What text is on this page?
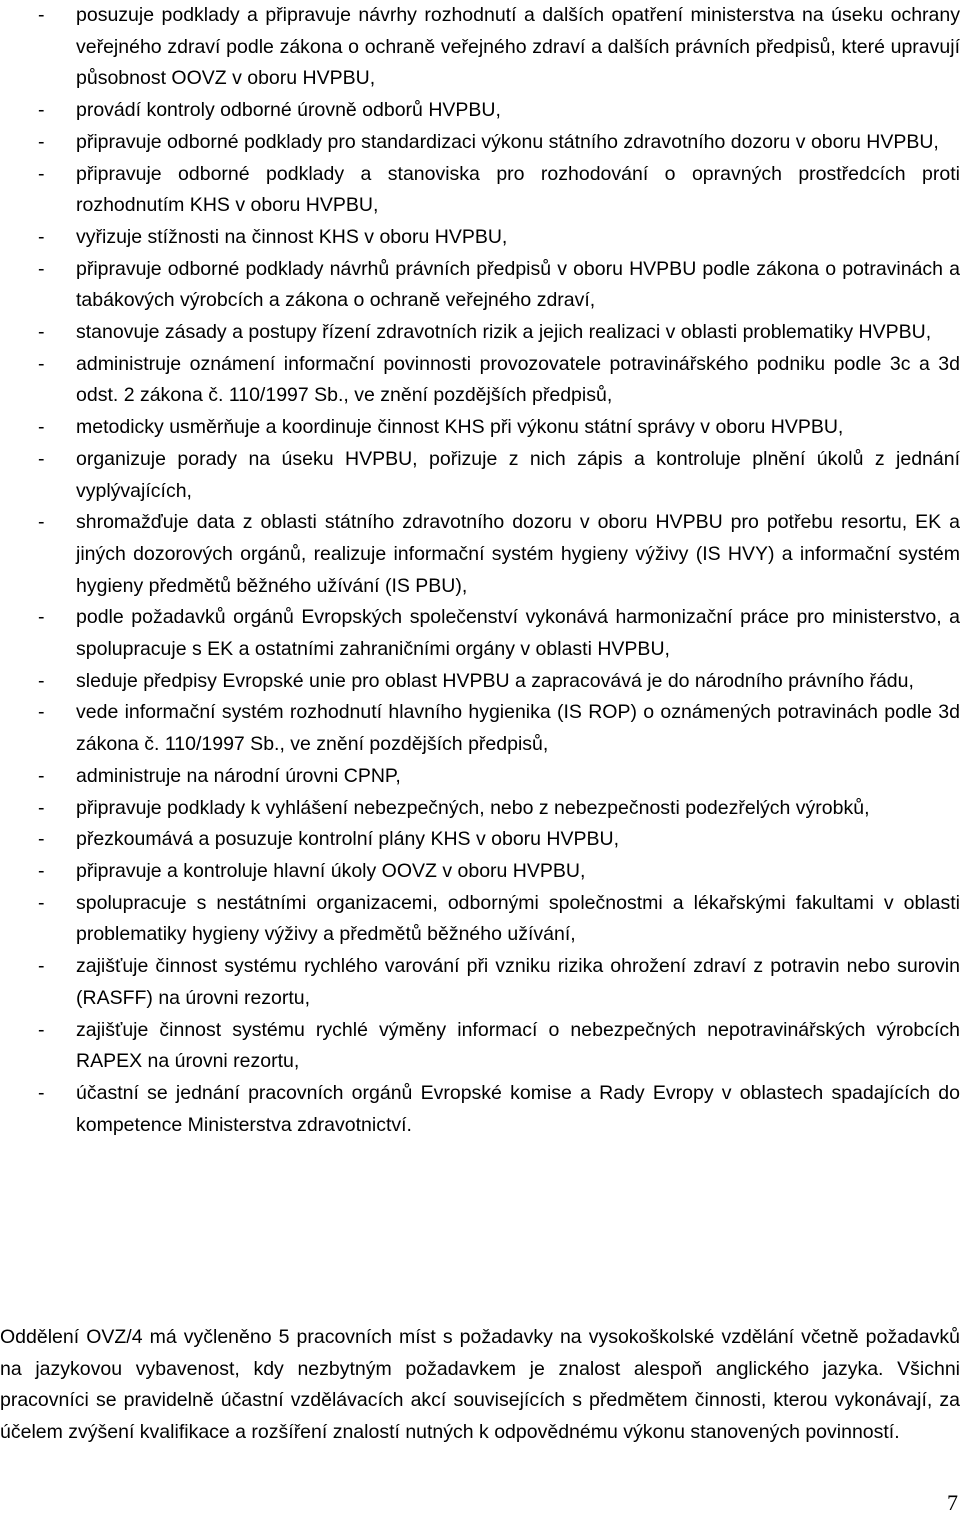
- posuzuje podklady a připravuje návrhy rozhodnutí a dalších opatření ministerstva na úseku ochrany veřejného zdraví podle zákona o ochraně veřejného zdraví a dalších právních předpisů, které upravují působnost OOVZ v oboru HVPBU,
- provádí kontroly odborné úrovně odborů HVPBU,
- připravuje odborné podklady pro standardizaci výkonu státního zdravotního dozoru v oboru HVPBU,
- připravuje odborné podklady a stanoviska pro rozhodování o opravných prostředcích proti rozhodnutím KHS v oboru HVPBU,
- vyřizuje stížnosti na činnost KHS v oboru HVPBU,
- připravuje odborné podklady návrhů právních předpisů v oboru HVPBU podle zákona o potravinách a tabákových výrobcích a zákona o ochraně veřejného zdraví,
- stanovuje zásady a postupy řízení zdravotních rizik a jejich realizaci v oblasti problematiky HVPBU,
- administruje oznámení informační povinnosti provozovatele potravinářského podniku podle 3c a 3d odst. 2 zákona č. 110/1997 Sb., ve znění pozdějších předpisů,
- metodicky usměrňuje a koordinuje činnost KHS při výkonu státní správy v oboru HVPBU,
- organizuje porady na úseku HVPBU, pořizuje z nich zápis a kontroluje plnění úkolů z jednání vyplývajících,
- shromažďuje data z oblasti státního zdravotního dozoru v oboru HVPBU pro potřebu resortu, EK a jiných dozorových orgánů, realizuje informační systém hygieny výživy (IS HVY) a informační systém hygieny předmětů běžného užívání (IS PBU),
- podle požadavků orgánů Evropských společenství vykonává harmonizační práce pro ministerstvo, a spolupracuje s EK a ostatními zahraničními orgány v oblasti HVPBU,
- sleduje předpisy Evropské unie pro oblast HVPBU a zapracovává je do národního právního řádu,
- vede informační systém rozhodnutí hlavního hygienika (IS ROP) o oznámených potravinách podle 3d zákona č. 110/1997 Sb., ve znění pozdějších předpisů,
- administruje na národní úrovni CPNP,
- připravuje podklady k vyhlášení nebezpečných, nebo z nebezpečnosti podezřelých výrobků,
- přezkoumává a posuzuje kontrolní plány KHS v oboru HVPBU,
- připravuje a kontroluje hlavní úkoly OOVZ v oboru HVPBU,
- spolupracuje s nestátními organizacemi, odbornými společnostmi a lékařskými fakultami v oblasti problematiky hygieny výživy a předmětů běžného užívání,
- zajišťuje činnost systému rychlého varování při vzniku rizika ohrožení zdraví z potravin nebo surovin (RASFF) na úrovni rezortu,
- zajišťuje činnost systému rychlé výměny informací o nebezpečných nepotravinářských výrobcích RAPEX na úrovni rezortu,
- účastní se jednání pracovních orgánů Evropské komise a Rady Evropy v oblastech spadajících do kompetence Ministerstva zdravotnictví.

Oddělení OVZ/4 má vyčleněno 5 pracovních míst s požadavky na vysokoškolské vzdělání včetně požadavků na jazykovou vybavenost, kdy nezbytným požadavkem je znalost alespoň anglického jazyka. Všichni pracovníci se pravidelně účastní vzdělávacích akcí souvisejících s předmětem činnosti, kterou vykonávají, za účelem zvýšení kvalifikace a rozšíření znalostí nutných k odpovědnému výkonu stanovených povinností.

7
